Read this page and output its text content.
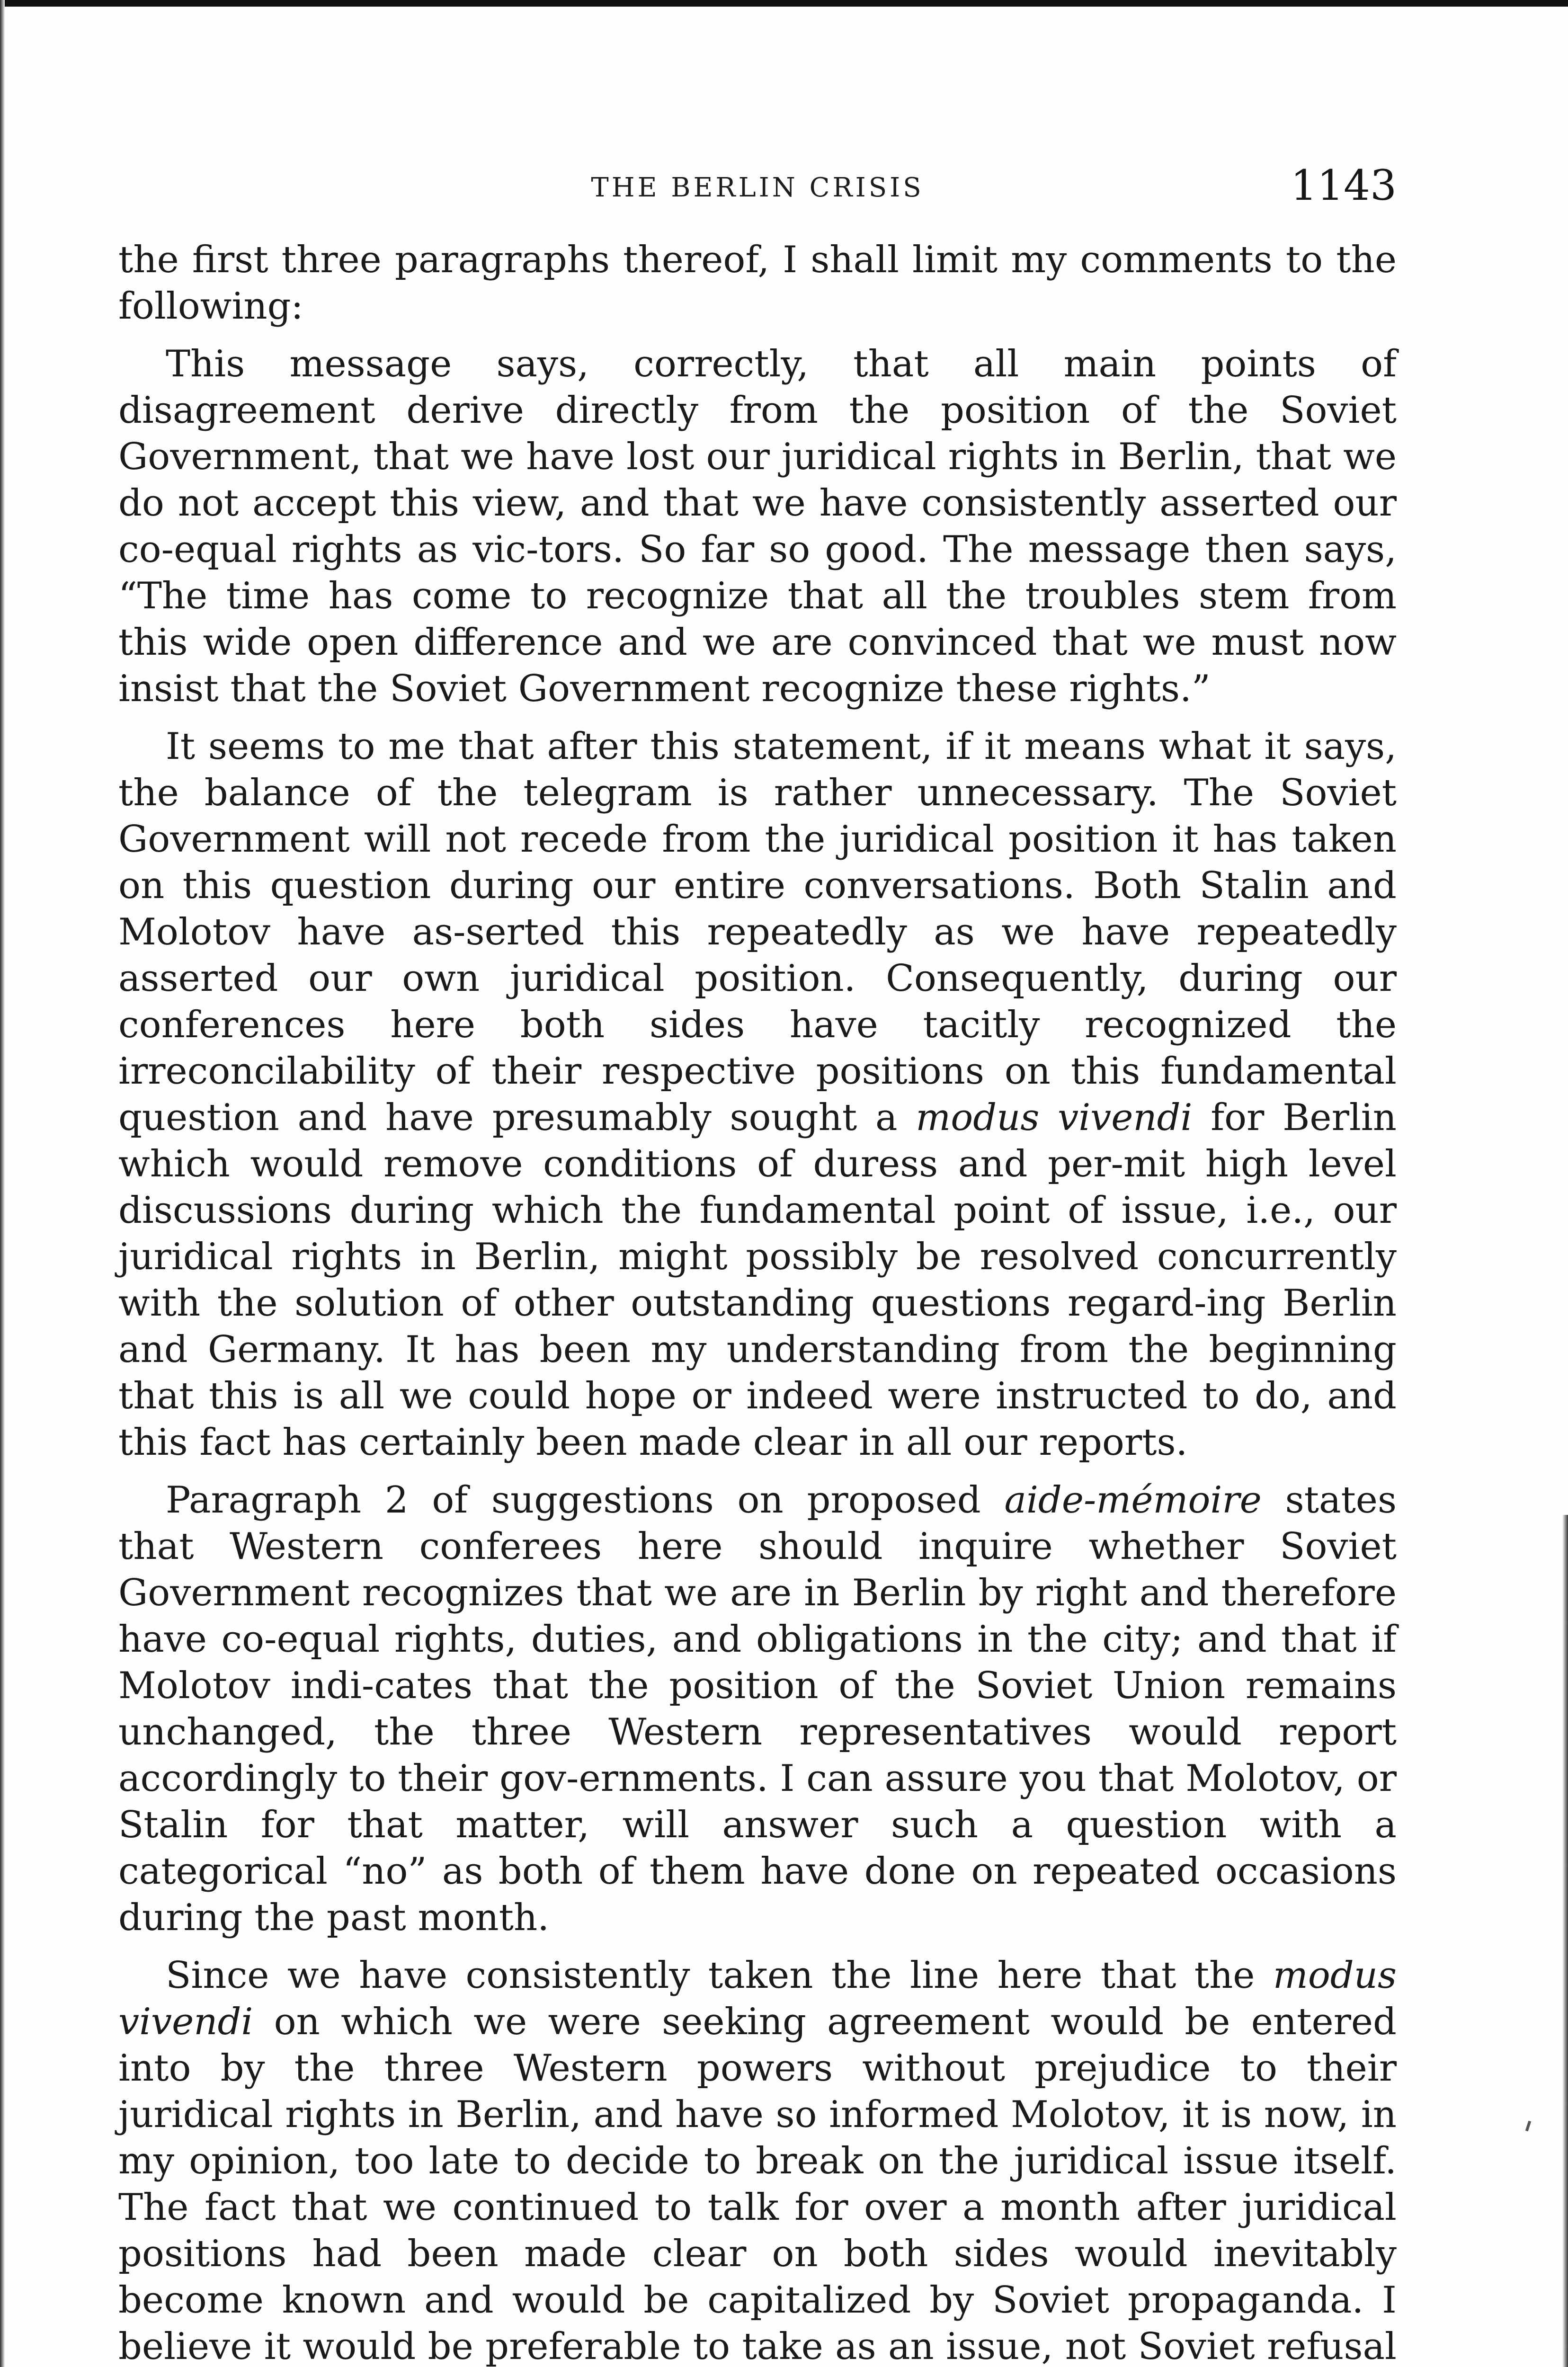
THE BERLIN CRISIS	1143

the first three paragraphs thereof, I shall limit my comments to the following:

This message says, correctly, that all main points of disagreement derive directly from the position of the Soviet Government, that we have lost our juridical rights in Berlin, that we do not accept this view, and that we have consistently asserted our co-equal rights as vic-tors. So far so good. The message then says, “The time has come to recognize that all the troubles stem from this wide open difference and we are convinced that we must now insist that the Soviet Government recognize these rights.”

It seems to me that after this statement, if it means what it says, the balance of the telegram is rather unnecessary. The Soviet Government will not recede from the juridical position it has taken on this question during our entire conversations. Both Stalin and Molotov have as-serted this repeatedly as we have repeatedly asserted our own juridical position. Consequently, during our conferences here both sides have tacitly recognized the irreconcilability of their respective positions on this fundamental question and have presumably sought a modus vivendi for Berlin which would remove conditions of duress and per-mit high level discussions during which the fundamental point of issue, i.e., our juridical rights in Berlin, might possibly be resolved concurrently with the solution of other outstanding questions regard-ing Berlin and Germany. It has been my understanding from the beginning that this is all we could hope or indeed were instructed to do, and this fact has certainly been made clear in all our reports.

Paragraph 2 of suggestions on proposed aide-mémoire states that Western conferees here should inquire whether Soviet Government recognizes that we are in Berlin by right and therefore have co-equal rights, duties, and obligations in the city; and that if Molotov indi-cates that the position of the Soviet Union remains unchanged, the three Western representatives would report accordingly to their gov-ernments. I can assure you that Molotov, or Stalin for that matter, will answer such a question with a categorical “no” as both of them have done on repeated occasions during the past month.

Since we have consistently taken the line here that the modus vivendi on which we were seeking agreement would be entered into by the three Western powers without prejudice to their juridical rights in Berlin, and have so informed Molotov, it is now, in my opinion, too late to decide to break on the juridical issue itself. The fact that we continued to talk for over a month after juridical positions had been made clear on both sides would inevitably become known and would be capitalized by Soviet propaganda. I believe it would be preferable to take as an issue, not Soviet refusal
